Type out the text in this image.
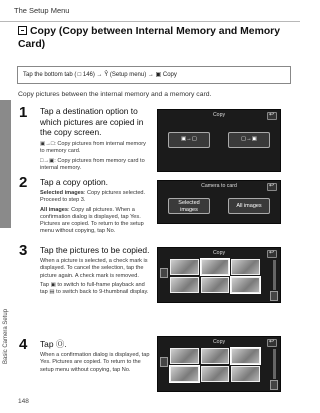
The Setup Menu
Basic Camera Setup
Copy (Copy between Internal Memory and Memory Card)
Tap the bottom tab ( □ 146) → Ŷ (Setup menu) → ▣ Copy
Copy pictures between the internal memory and a memory card.
1 Tap a destination option to which pictures are copied in the copy screen.

▣→□: Copy pictures from internal memory to memory card.

□→▣: Copy pictures from memory card to internal memory.

Copy
↩
▣→▢	▢→▣
2 Tap a copy option.

Selected images: Copy pictures selected. Proceed to step 3.

All images: Copy all pictures. When a confirmation dialog is displayed, tap Yes. Pictures are copied. To return to the setup menu without copying, tap No.

Camera to card
↩
Selected images
All images
3 Tap the pictures to be copied.

When a picture is selected, a check mark is displayed. To cancel the selection, tap the picture again. A check mark is removed.

Tap ▣ to switch to full-frame playback and tap ▤ to switch back to 9-thumbnail display.

Copy
↩
4 Tap Ⓞ.

When a confirmation dialog is displayed, tap Yes. Pictures are copied. To return to the setup menu without copying, tap No.

Copy
↩
148
